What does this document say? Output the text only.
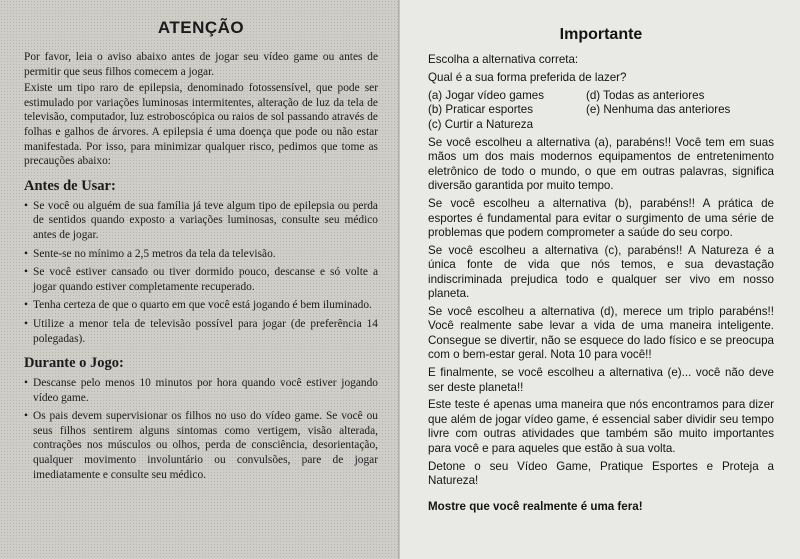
ATENÇÃO

Por favor, leia o aviso abaixo antes de jogar seu vídeo game ou antes de permitir que seus filhos comecem a jogar.

Existe um tipo raro de epilepsia, denominado fotossensível, que pode ser estimulado por variações luminosas intermitentes, alteração de luz da tela de televisão, computador, luz estroboscópica ou raios de sol passando através de folhas e galhos de árvores. A epilepsia é uma doença que pode ou não estar manifestada. Por isso, para minimizar qualquer risco, pedimos que tome as precauções abaixo:

Antes de Usar:
• Se você ou alguém de sua família já teve algum tipo de epilepsia ou perda de sentidos quando exposto a variações luminosas, consulte seu médico antes de jogar.
• Sente-se no mínimo a 2,5 metros da tela da televisão.
• Se você estiver cansado ou tiver dormido pouco, descanse e só volte a jogar quando estiver completamente recuperado.
• Tenha certeza de que o quarto em que você está jogando é bem iluminado.
• Utilize a menor tela de televisão possível para jogar (de preferência 14 polegadas).
Durante o Jogo:
• Descanse pelo menos 10 minutos por hora quando você estiver jogando vídeo game.
• Os pais devem supervisionar os filhos no uso do vídeo game. Se você ou seus filhos sentirem alguns sintomas como vertigem, visão alterada, contrações nos músculos ou olhos, perda de consciência, desorientação, qualquer movimento involuntário ou convulsões, pare de jogar imediatamente e consulte seu médico.
Importante

Escolha a alternativa correta:

Qual é a sua forma preferida de lazer?

(a) Jogar vídeo games	(d) Todas as anteriores
(b) Praticar esportes	(e) Nenhuma das anteriores
(c) Curtir a Natureza

Se você escolheu a alternativa (a), parabéns!! Você tem em suas mãos um dos mais modernos equipamentos de entretenimento eletrônico de todo o mundo, o que em outras palavras, significa diversão garantida por muito tempo.

Se você escolheu a alternativa (b), parabéns!! A prática de esportes é fundamental para evitar o surgimento de uma série de problemas que podem comprometer a saúde do seu corpo.

Se você escolheu a alternativa (c), parabéns!! A Natureza é a única fonte de vida que nós temos, e sua devastação indiscriminada prejudica todo e qualquer ser vivo em nosso planeta.

Se você escolheu a alternativa (d), merece um triplo parabéns!! Você realmente sabe levar a vida de uma maneira inteligente. Consegue se divertir, não se esquece do lado físico e se preocupa com o bem-estar geral. Nota 10 para você!!

E finalmente, se você escolheu a alternativa (e)... você não deve ser deste planeta!!

Este teste é apenas uma maneira que nós encontramos para dizer que além de jogar vídeo game, é essencial saber dividir seu tempo livre com outras atividades que também são muito importantes para você e para aqueles que estão à sua volta.

Detone o seu Vídeo Game, Pratique Esportes e Proteja a Natureza!

Mostre que você realmente é uma fera!
